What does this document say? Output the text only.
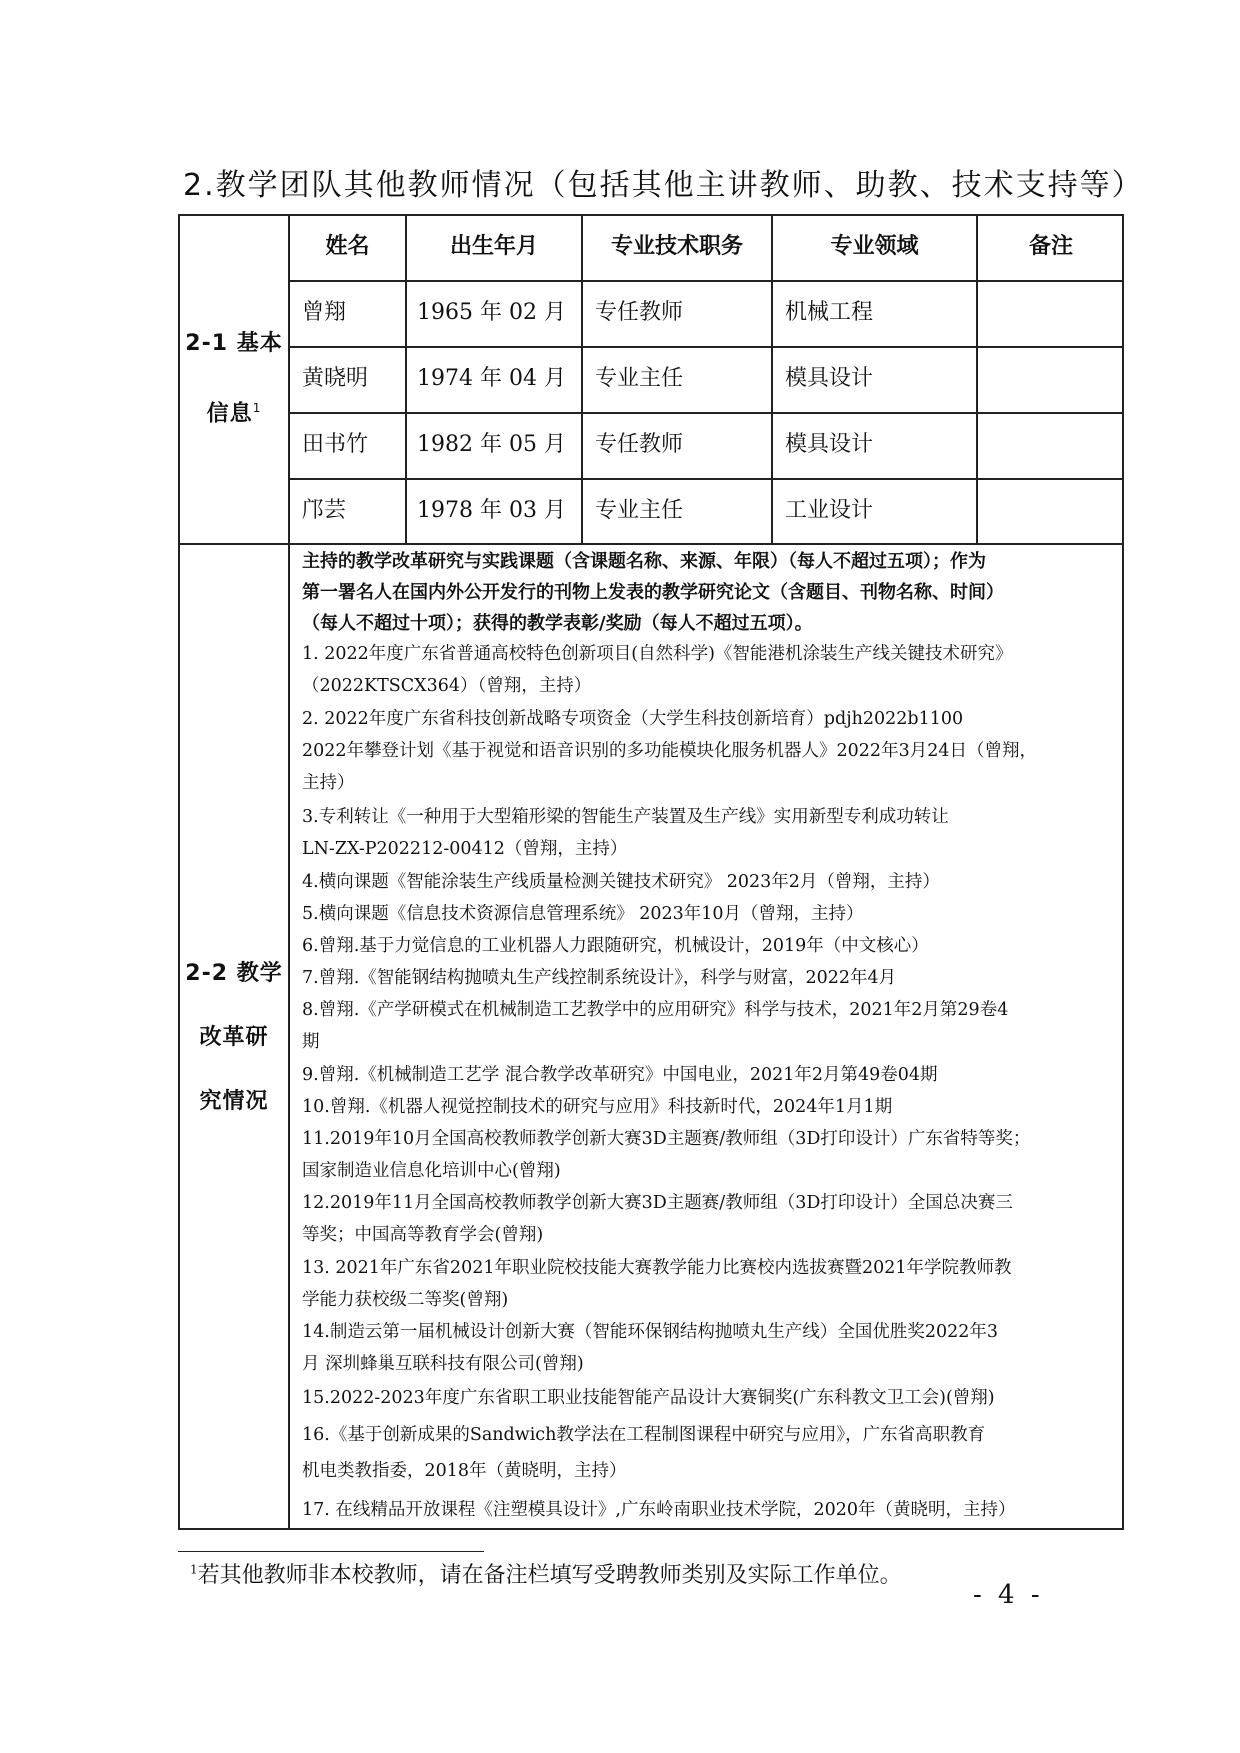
2.教学团队其他教师情况（包括其他主讲教师、助教、技术支持等）
2-1 基本
信息$^1$
2-2 教学
改革研
究情况
姓名	出生年月	专业技术职务	专业领域	备注
曾翔	1965 年 02 月 专任教师	机械工程
黄晓明 1974 年 04 月 专业主任	模具设计
田书竹 1982 年 05 月 专任教师	模具设计
邝芸	1978 年 03 月 专业主任	工业设计
主持的教学改革研究与实践课题（含课题名称、来源、年限）（每人不超过五项）；作为
第一署名人在国内外公开发行的刊物上发表的教学研究论文（含题目、刊物名称、时间）
（每人不超过十项）；获得的教学表彰/奖励（每人不超过五项）。
1. 2022年度广东省普通高校特色创新项目(自然科学)《智能港机涂装生产线关键技术研究》
（2022KTSCX364）（曾翔，主持）
2. 2022年度广东省科技创新战略专项资金（大学生科技创新培育）pdjh2022b1100
2022年攀登计划《基于视觉和语音识别的多功能模块化服务机器人》2022年3月24日（曾翔，
主持）
3.专利转让《一种用于大型箱形梁的智能生产装置及生产线》实用新型专利成功转让
LN-ZX-P202212-00412（曾翔，主持）
4.横向课题《智能涂装生产线质量检测关键技术研究》 2023年2月（曾翔，主持）
5.横向课题《信息技术资源信息管理系统》 2023年10月（曾翔，主持）
6.曾翔.基于力觉信息的工业机器人力跟随研究，机械设计，2019年（中文核心）
7.曾翔.《智能钢结构抛喷丸生产线控制系统设计》，科学与财富，2022年4月
8.曾翔.《产学研模式在机械制造工艺教学中的应用研究》科学与技术，2021年2月第29卷4
期
9.曾翔.《机械制造工艺学 混合教学改革研究》中国电业，2021年2月第49卷04期
10.曾翔.《机器人视觉控制技术的研究与应用》科技新时代，2024年1月1期
11.2019年10月全国高校教师教学创新大赛3D主题赛/教师组（3D打印设计）广东省特等奖；
国家制造业信息化培训中心(曾翔)
12.2019年11月全国高校教师教学创新大赛3D主题赛/教师组（3D打印设计）全国总决赛三
等奖；中国高等教育学会(曾翔)
13. 2021年广东省2021年职业院校技能大赛教学能力比赛校内选拔赛暨2021年学院教师教
学能力获校级二等奖(曾翔)
14.制造云第一届机械设计创新大赛（智能环保钢结构抛喷丸生产线）全国优胜奖2022年3
月 深圳蜂巢互联科技有限公司(曾翔)
15.2022-2023年度广东省职工职业技能智能产品设计大赛铜奖(广东科教文卫工会)(曾翔)
16.《基于创新成果的Sandwich教学法在工程制图课程中研究与应用》，广东省高职教育
机电类教指委，2018年（黄晓明，主持）
17. 在线精品开放课程《注塑模具设计》,广东岭南职业技术学院，2020年（黄晓明，主持）
$^1$若其他教师非本校教师，请在备注栏填写受聘教师类别及实际工作单位。
- 4 -
